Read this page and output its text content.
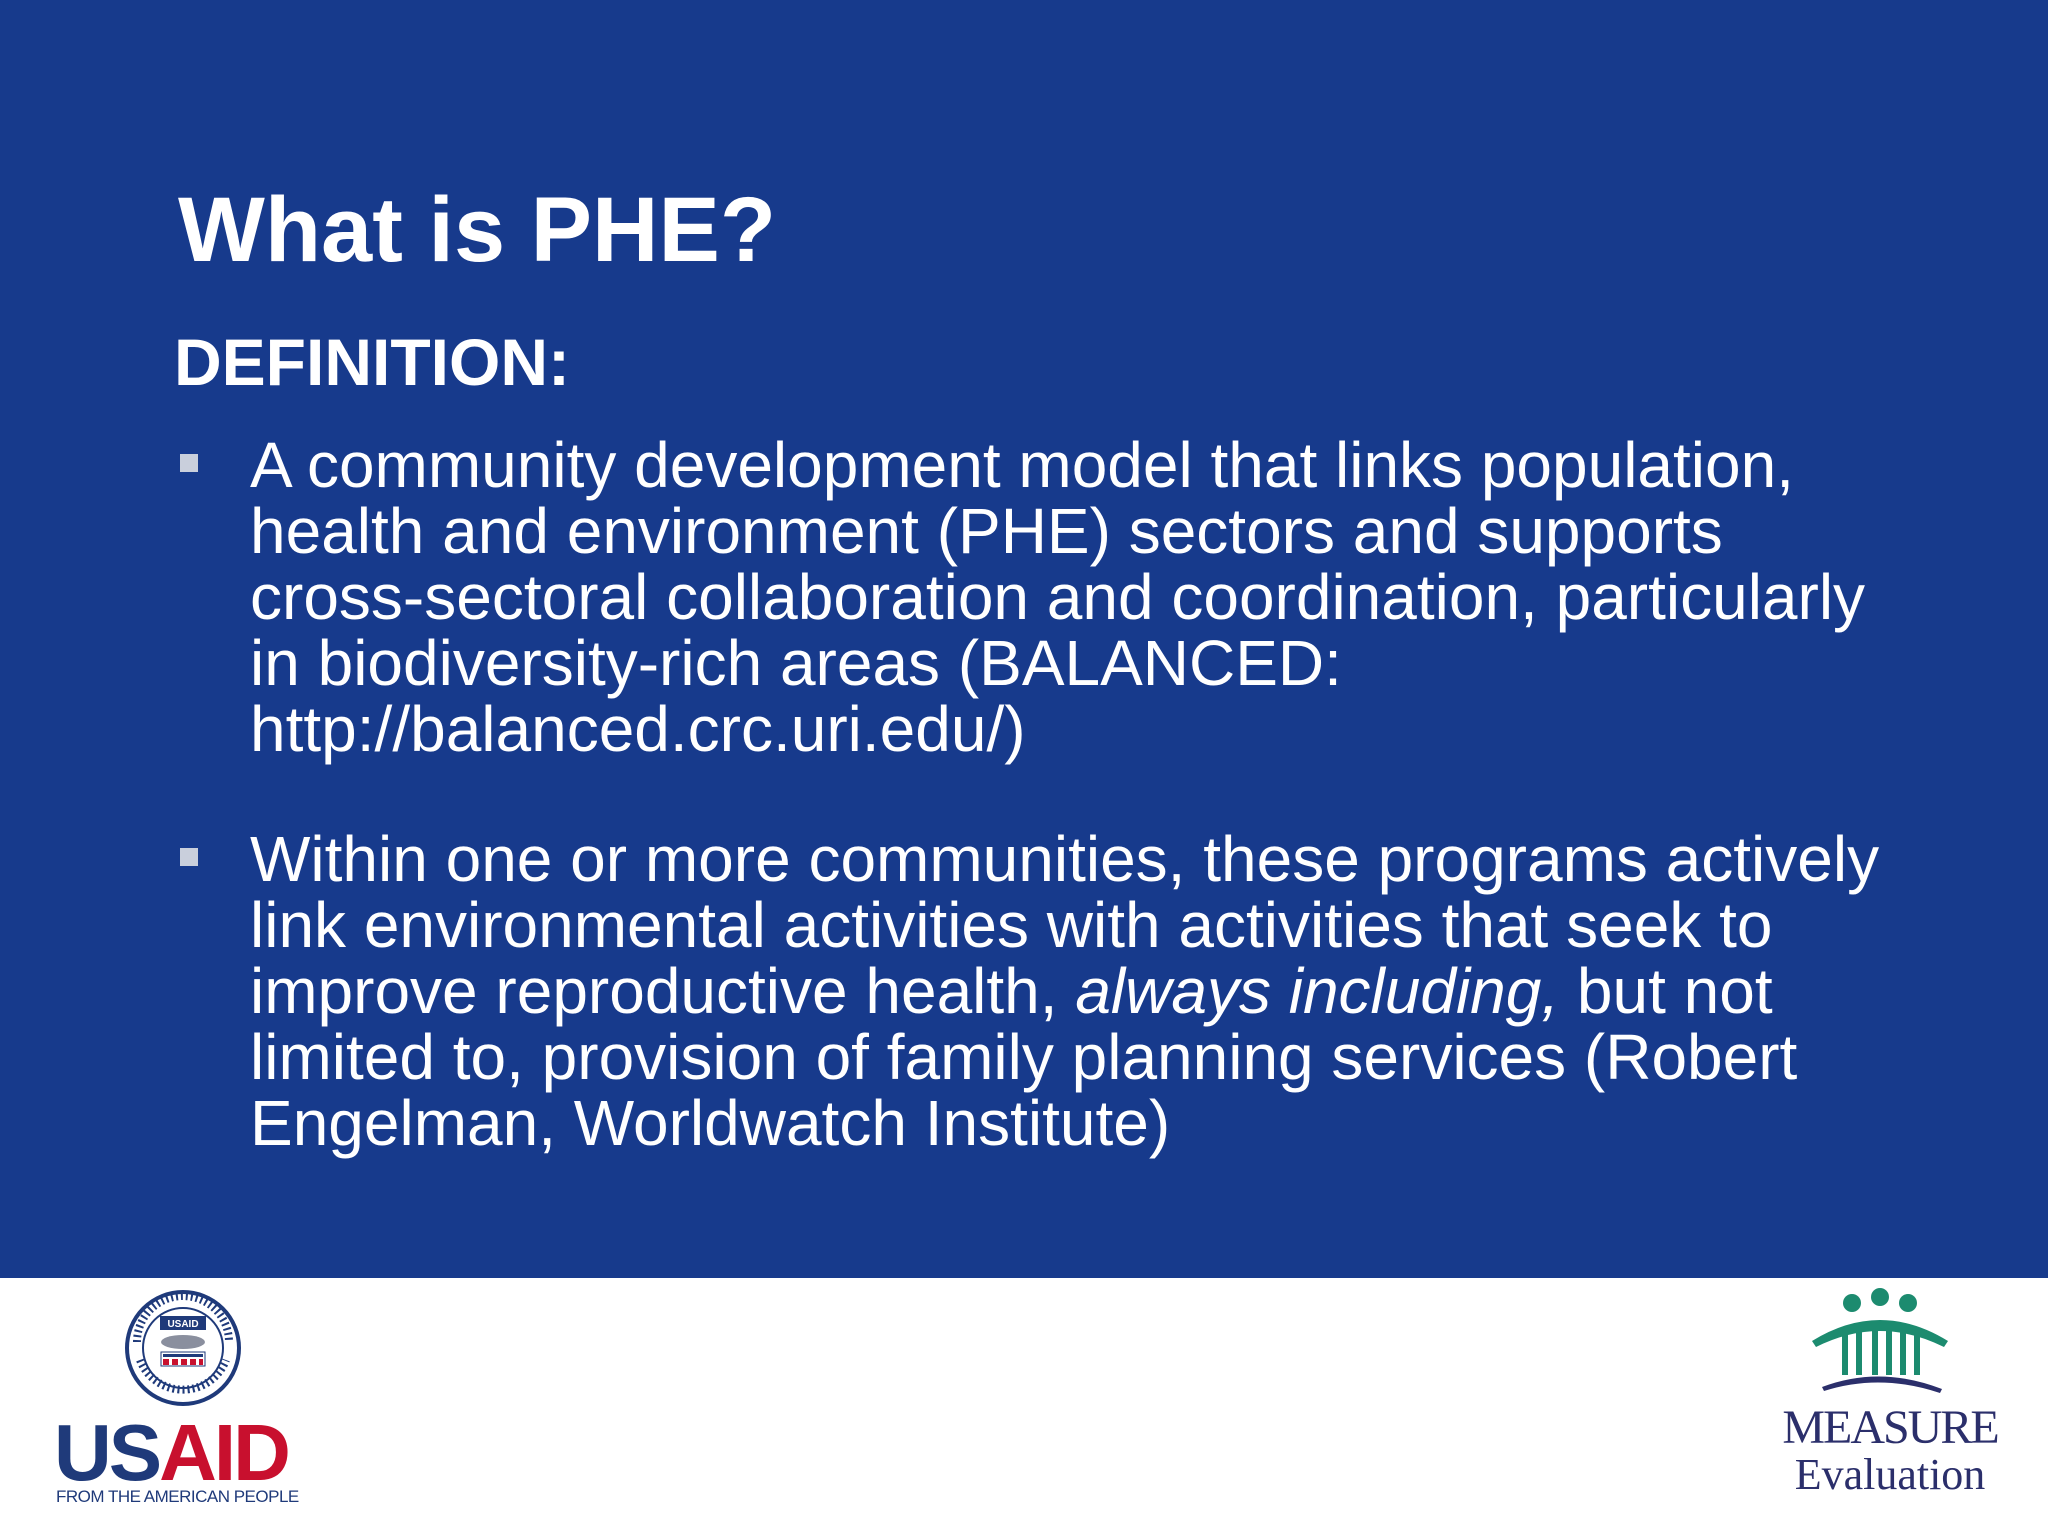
What is PHE?
DEFINITION:
A community development model that links population,
health and environment (PHE) sectors and supports
cross-sectoral collaboration and coordination, particularly
in biodiversity-rich areas (BALANCED:
http://balanced.crc.uri.edu/)
Within one or more communities, these programs actively
link environmental activities with activities that seek to
improve reproductive health, always including, but not
limited to, provision of family planning services (Robert
Engelman, Worldwatch Institute)
USAID
USAID
FROM THE AMERICAN PEOPLE
MEASURE
Evaluation
